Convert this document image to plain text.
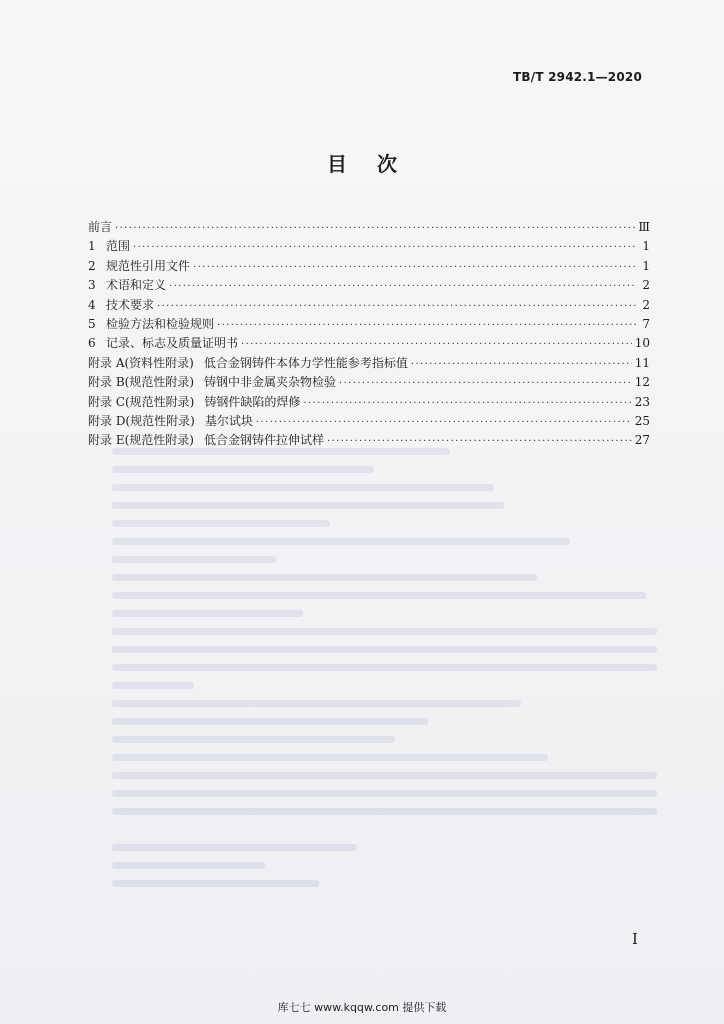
TB/T 2942.1—2020
目次
前言 ·····	Ⅲ
1 范围 ·····	1
2 规范性引用文件 ·····	1
3 术语和定义 ·····	2
4 技术要求 ·····	2
5 检验方法和检验规则 ·····	7
6 记录、标志及质量证明书 ·····	10
附录 A(资料性附录) 低合金钢铸件本体力学性能参考指标值 ·····	11
附录 B(规范性附录) 铸钢中非金属夹杂物检验 ·····	12
附录 C(规范性附录) 铸钢件缺陷的焊修 ·····	23
附录 D(规范性附录) 基尔试块 ·····	25
附录 E(规范性附录) 低合金钢铸件拉伸试样 ·····	27
I
库七七 www.kqqw.com 提供下载
